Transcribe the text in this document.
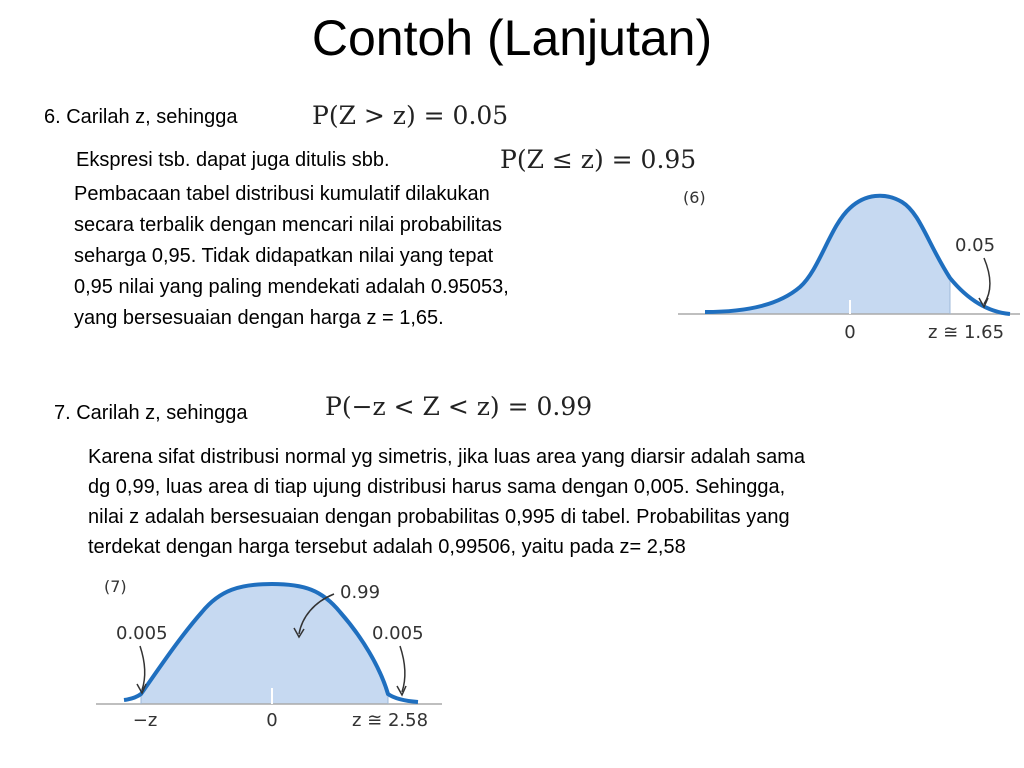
Contoh (Lanjutan)
6. Carilah z, sehingga	P(Z > z) = 0.05
Ekspresi tsb. dapat juga ditulis sbb.	P(Z ≤ z) = 0.95
Pembacaan tabel distribusi kumulatif dilakukan
secara terbalik dengan mencari nilai probabilitas
seharga 0,95. Tidak didapatkan nilai yang tepat
0,95 nilai yang paling mendekati adalah 0.95053,
yang bersesuaian dengan harga z = 1,65.
(6)
0.05
0	z ≅ 1.65
7. Carilah z, sehingga	P(−z < Z < z) = 0.99
Karena sifat distribusi normal yg simetris, jika luas area yang diarsir adalah sama
dg 0,99, luas area di tiap ujung distribusi harus sama dengan 0,005. Sehingga,
nilai z adalah bersesuaian dengan probabilitas 0,995 di tabel. Probabilitas yang
terdekat dengan harga tersebut adalah 0,99506, yaitu pada z= 2,58
(7)	0.99
0.005	0.005
−z	0	z ≅ 2.58
